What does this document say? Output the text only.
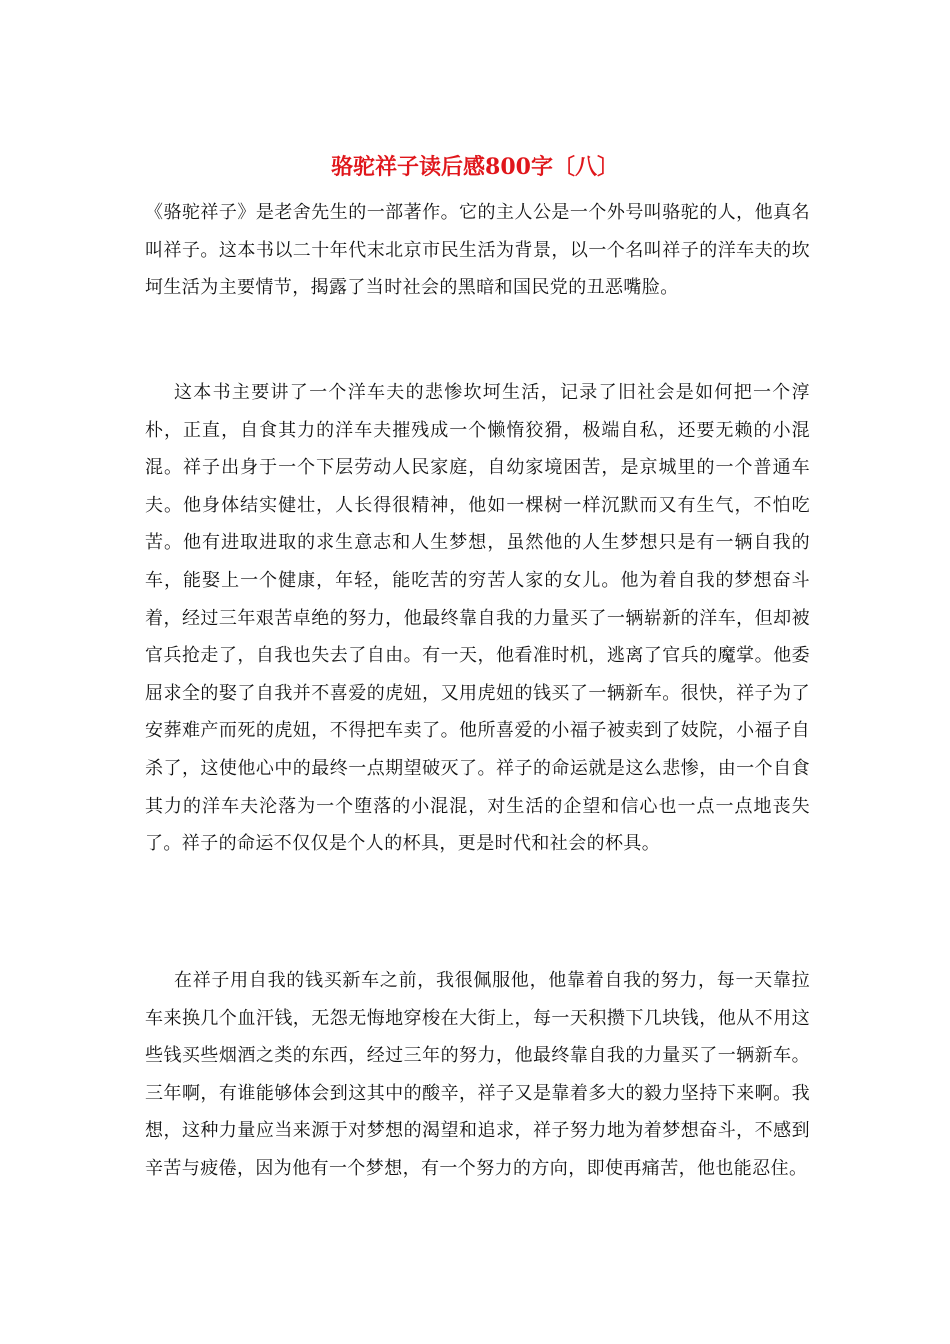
骆驼祥子读后感800字〔八〕

《骆驼祥子》是老舍先生的一部著作。它的主人公是一个外号叫骆驼的人，他真名叫祥子。这本书以二十年代末北京市民生活为背景，以一个名叫祥子的洋车夫的坎坷生活为主要情节，揭露了当时社会的黑暗和国民党的丑恶嘴脸。

这本书主要讲了一个洋车夫的悲惨坎坷生活，记录了旧社会是如何把一个淳朴，正直，自食其力的洋车夫摧残成一个懒惰狡猾，极端自私，还要无赖的小混混。祥子出身于一个下层劳动人民家庭，自幼家境困苦，是京城里的一个普通车夫。他身体结实健壮，人长得很精神，他如一棵树一样沉默而又有生气，不怕吃苦。他有进取进取的求生意志和人生梦想，虽然他的人生梦想只是有一辆自我的车，能娶上一个健康，年轻，能吃苦的穷苦人家的女儿。他为着自我的梦想奋斗着，经过三年艰苦卓绝的努力，他最终靠自我的力量买了一辆崭新的洋车，但却被官兵抢走了，自我也失去了自由。有一天，他看准时机，逃离了官兵的魔掌。他委屈求全的娶了自我并不喜爱的虎妞，又用虎妞的钱买了一辆新车。很快，祥子为了安葬难产而死的虎妞，不得把车卖了。他所喜爱的小福子被卖到了妓院，小福子自杀了，这使他心中的最终一点期望破灭了。祥子的命运就是这么悲惨，由一个自食其力的洋车夫沦落为一个堕落的小混混，对生活的企望和信心也一点一点地丧失了。祥子的命运不仅仅是个人的杯具，更是时代和社会的杯具。

在祥子用自我的钱买新车之前，我很佩服他，他靠着自我的努力，每一天靠拉车来换几个血汗钱，无怨无悔地穿梭在大街上，每一天积攒下几块钱，他从不用这些钱买些烟酒之类的东西，经过三年的努力，他最终靠自我的力量买了一辆新车。三年啊，有谁能够体会到这其中的酸辛，祥子又是靠着多大的毅力坚持下来啊。我想，这种力量应当来源于对梦想的渴望和追求，祥子努力地为着梦想奋斗，不感到辛苦与疲倦，因为他有一个梦想，有一个努力的方向，即使再痛苦，他也能忍住。
